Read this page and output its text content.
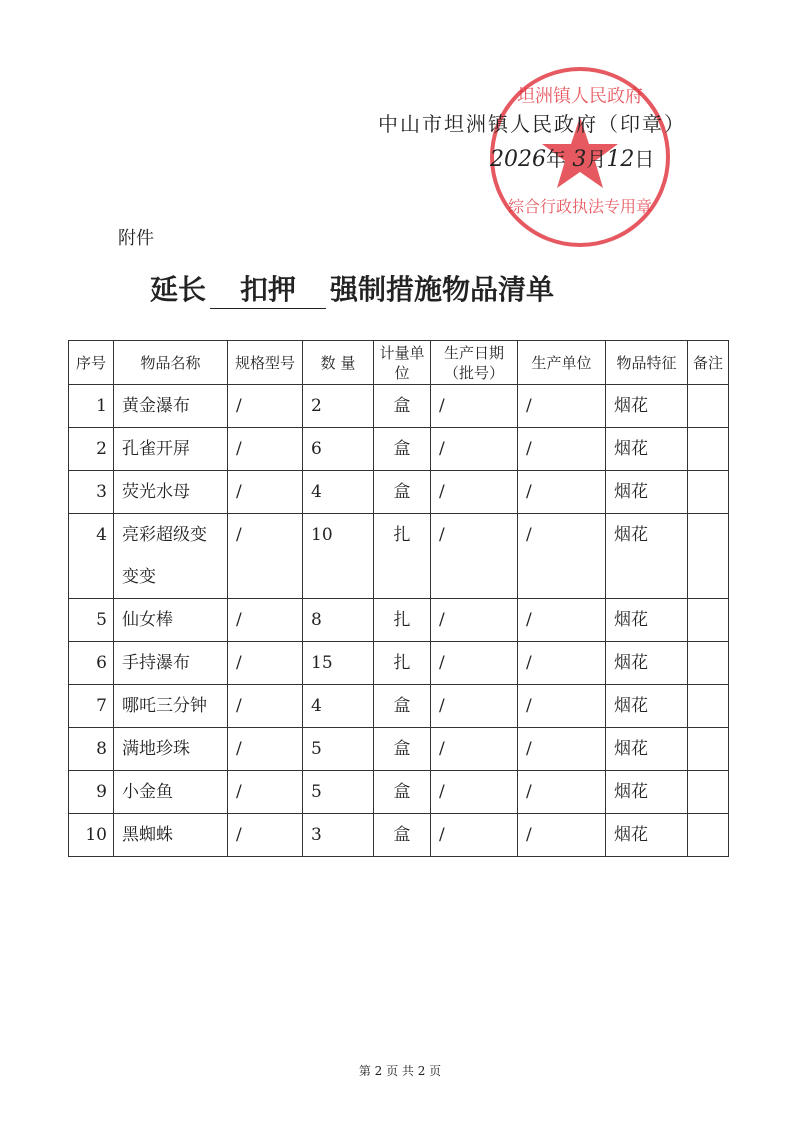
综合行政执法专用章
坦洲镇人民政府
中山市坦洲镇人民政府（印章）
2026年 3月12日
附件
延长 扣押 强制措施物品清单
序号	物品名称	规格型号	数 量	计量单位	生产日期（批号）	生产单位	物品特征	备注
1	黄金瀑布	/	2	盒	/	/	烟花	
2	孔雀开屏	/	6	盒	/	/	烟花	
3	荧光水母	/	4	盒	/	/	烟花	
4	亮彩超级变变变	/	10	扎	/	/	烟花	
5	仙女棒	/	8	扎	/	/	烟花	
6	手持瀑布	/	15	扎	/	/	烟花	
7	哪吒三分钟	/	4	盒	/	/	烟花	
8	满地珍珠	/	5	盒	/	/	烟花	
9	小金鱼	/	5	盒	/	/	烟花	
10	黑蜘蛛	/	3	盒	/	/	烟花	
第 2 页 共 2 页
